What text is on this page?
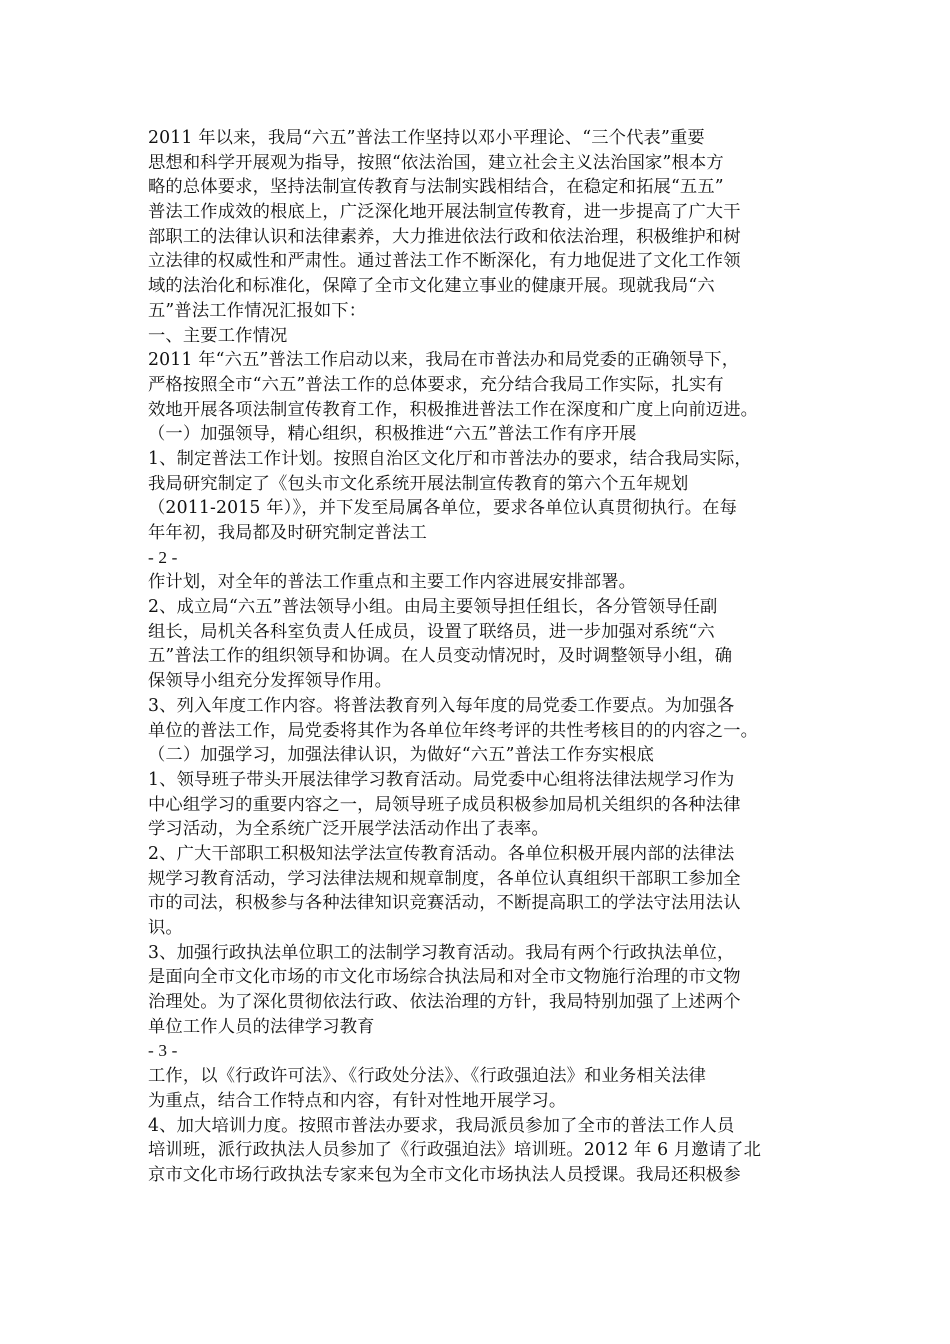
2011 年以来，我局“六五”普法工作坚持以邓小平理论、“三个代表”重要
思想和科学开展观为指导，按照“依法治国，建立社会主义法治国家”根本方
略的总体要求，坚持法制宣传教育与法制实践相结合，在稳定和拓展“五五”
普法工作成效的根底上，广泛深化地开展法制宣传教育，进一步提高了广大干
部职工的法律认识和法律素养，大力推进依法行政和依法治理，积极维护和树
立法律的权威性和严肃性。通过普法工作不断深化，有力地促进了文化工作领
域的法治化和标准化，保障了全市文化建立事业的健康开展。现就我局“六
五”普法工作情况汇报如下：
一、主要工作情况
2011 年“六五”普法工作启动以来，我局在市普法办和局党委的正确领导下，
严格按照全市“六五”普法工作的总体要求，充分结合我局工作实际，扎实有
效地开展各项法制宣传教育工作，积极推进普法工作在深度和广度上向前迈进。
（一）加强领导，精心组织，积极推进“六五”普法工作有序开展
1、制定普法工作计划。按照自治区文化厅和市普法办的要求，结合我局实际，
我局研究制定了《包头市文化系统开展法制宣传教育的第六个五年规划
（2011-2015 年）》，并下发至局属各单位，要求各单位认真贯彻执行。在每
年年初，我局都及时研究制定普法工
- 2 -
作计划，对全年的普法工作重点和主要工作内容进展安排部署。
2、成立局“六五”普法领导小组。由局主要领导担任组长，各分管领导任副
组长，局机关各科室负责人任成员，设置了联络员，进一步加强对系统“六
五”普法工作的组织领导和协调。在人员变动情况时，及时调整领导小组，确
保领导小组充分发挥领导作用。
3、列入年度工作内容。将普法教育列入每年度的局党委工作要点。为加强各
单位的普法工作，局党委将其作为各单位年终考评的共性考核目的的内容之一。
（二）加强学习，加强法律认识，为做好“六五”普法工作夯实根底
1、领导班子带头开展法律学习教育活动。局党委中心组将法律法规学习作为
中心组学习的重要内容之一，局领导班子成员积极参加局机关组织的各种法律
学习活动，为全系统广泛开展学法活动作出了表率。
2、广大干部职工积极知法学法宣传教育活动。各单位积极开展内部的法律法
规学习教育活动，学习法律法规和规章制度，各单位认真组织干部职工参加全
市的司法，积极参与各种法律知识竞赛活动，不断提高职工的学法守法用法认
识。
3、加强行政执法单位职工的法制学习教育活动。我局有两个行政执法单位，
是面向全市文化市场的市文化市场综合执法局和对全市文物施行治理的市文物
治理处。为了深化贯彻依法行政、依法治理的方针，我局特别加强了上述两个
单位工作人员的法律学习教育
- 3 -
工作，以《行政许可法》、《行政处分法》、《行政强迫法》和业务相关法律
为重点，结合工作特点和内容，有针对性地开展学习。
4、加大培训力度。按照市普法办要求，我局派员参加了全市的普法工作人员
培训班，派行政执法人员参加了《行政强迫法》培训班。2012 年 6 月邀请了北
京市文化市场行政执法专家来包为全市文化市场执法人员授课。我局还积极参
